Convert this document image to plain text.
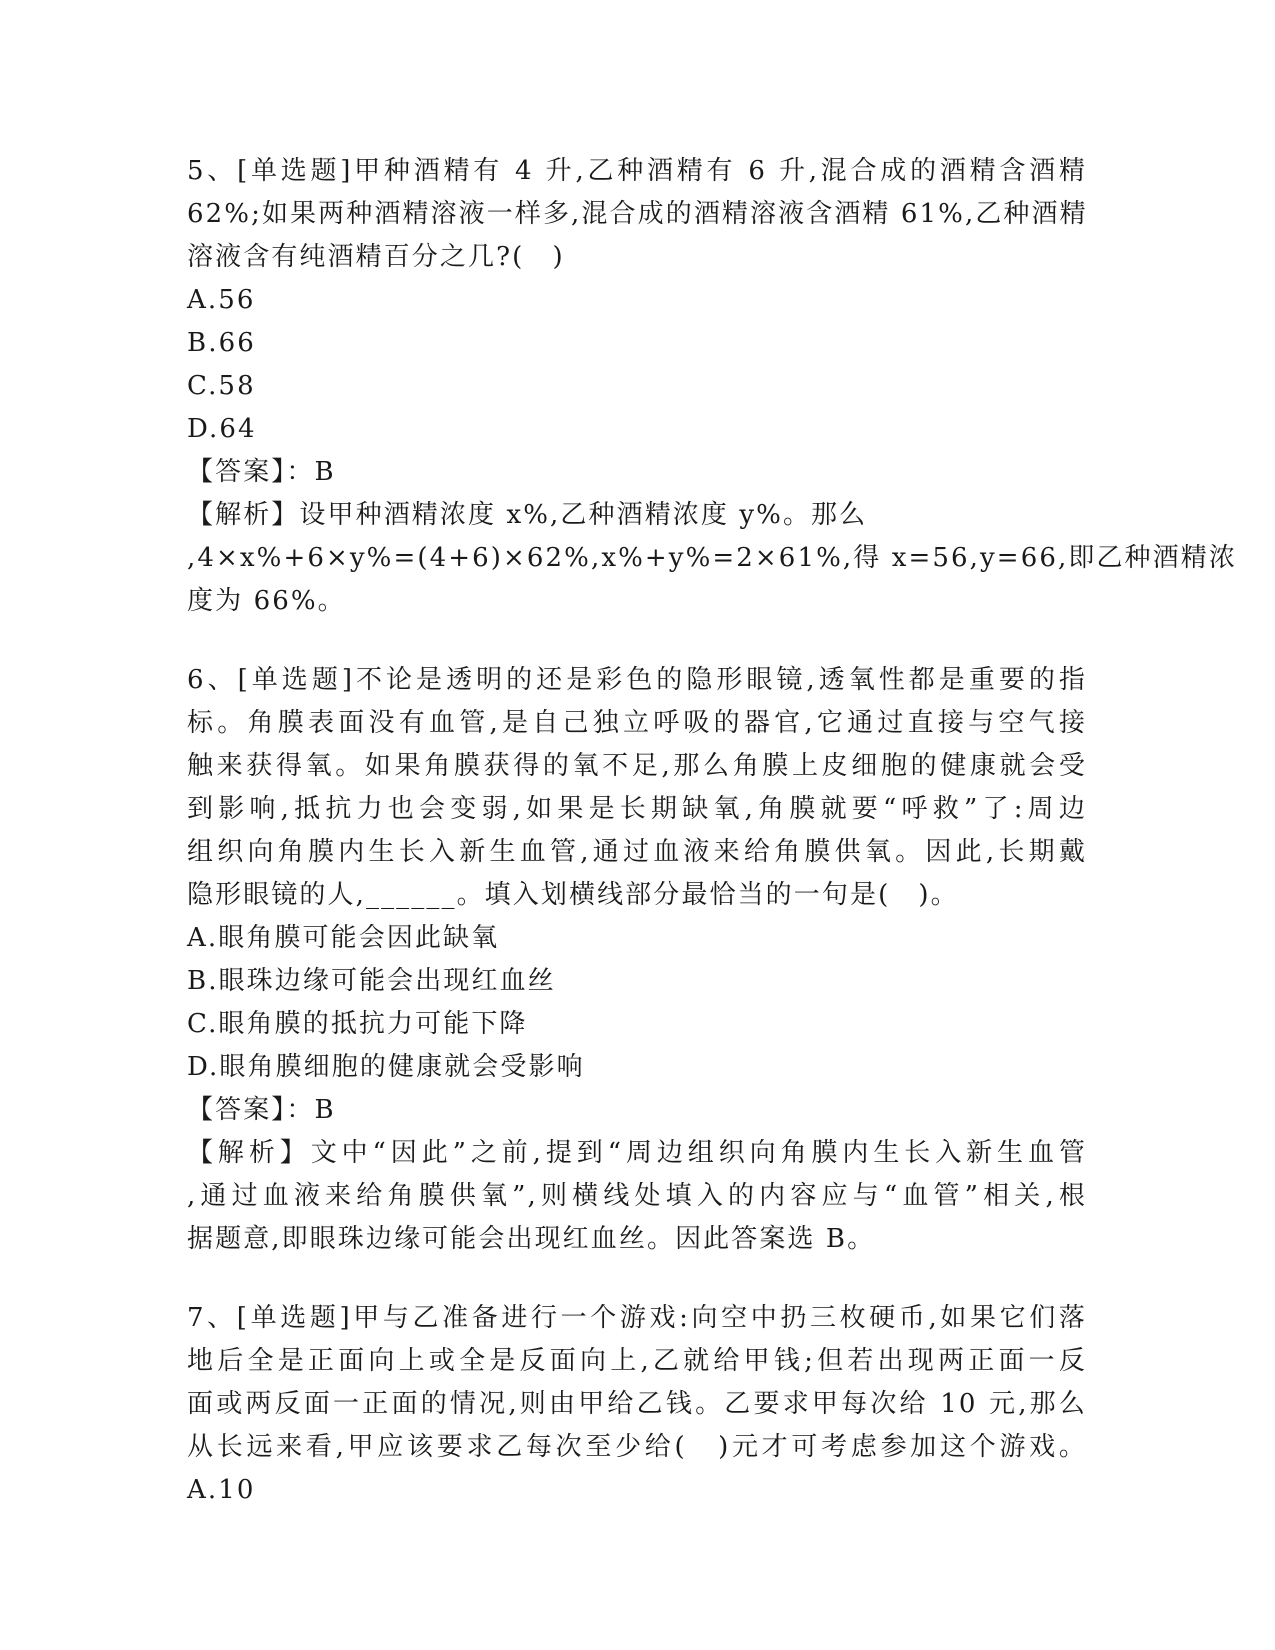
5、[单选题]甲种酒精有 4 升,乙种酒精有 6 升,混合成的酒精含酒精
62%;如果两种酒精溶液一样多,混合成的酒精溶液含酒精 61%,乙种酒精
溶液含有纯酒精百分之几?(　)
A.56
B.66
C.58
D.64
【答案】：B
【解析】设甲种酒精浓度 x%,乙种酒精浓度 y%。那么
,4×x%+6×y%=(4+6)×62%,x%+y%=2×61%,得 x=56,y=66,即乙种酒精浓
度为 66%。
6、[单选题]不论是透明的还是彩色的隐形眼镜,透氧性都是重要的指
标。角膜表面没有血管,是自己独立呼吸的器官,它通过直接与空气接
触来获得氧。如果角膜获得的氧不足,那么角膜上皮细胞的健康就会受
到影响,抵抗力也会变弱,如果是长期缺氧,角膜就要“呼救”了:周边
组织向角膜内生长入新生血管,通过血液来给角膜供氧。因此,长期戴
隐形眼镜的人,______。填入划横线部分最恰当的一句是(　)。
A.眼角膜可能会因此缺氧
B.眼珠边缘可能会出现红血丝
C.眼角膜的抵抗力可能下降
D.眼角膜细胞的健康就会受影响
【答案】：B
【解析】文中“因此”之前,提到“周边组织向角膜内生长入新生血管
,通过血液来给角膜供氧”,则横线处填入的内容应与“血管”相关,根
据题意,即眼珠边缘可能会出现红血丝。因此答案选 B。
7、[单选题]甲与乙准备进行一个游戏:向空中扔三枚硬币,如果它们落
地后全是正面向上或全是反面向上,乙就给甲钱;但若出现两正面一反
面或两反面一正面的情况,则由甲给乙钱。乙要求甲每次给 10 元,那么
从长远来看,甲应该要求乙每次至少给(　)元才可考虑参加这个游戏。
A.10
